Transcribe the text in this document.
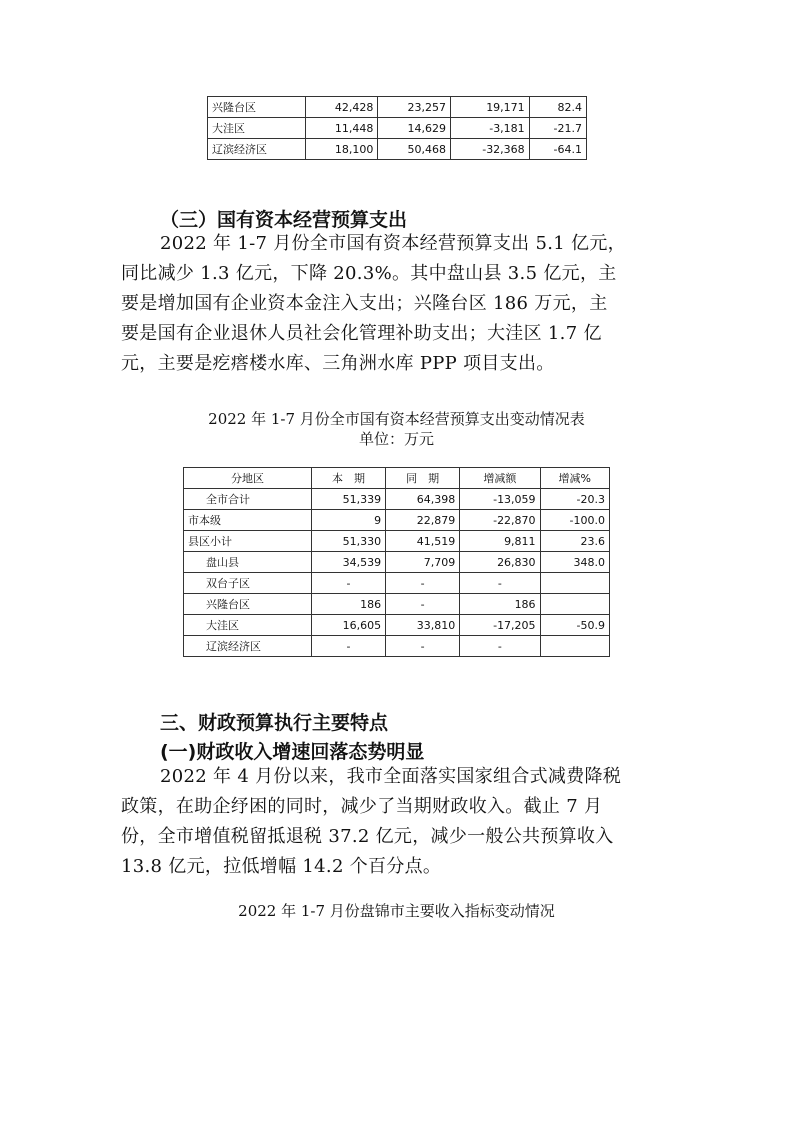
兴隆台区	42,428	23,257	19,171	82.4
大洼区	11,448	14,629	-3,181	-21.7
辽滨经济区	18,100	50,468	-32,368	-64.1
（三）国有资本经营预算支出
2022 年 1-7 月份全市国有资本经营预算支出 5.1 亿元，
同比减少 1.3 亿元，下降 20.3%。其中盘山县 3.5 亿元，主
要是增加国有企业资本金注入支出；兴隆台区 186 万元，主
要是国有企业退休人员社会化管理补助支出；大洼区 1.7 亿
元，主要是疙瘩楼水库、三角洲水库 PPP 项目支出。
2022 年 1-7 月份全市国有资本经营预算支出变动情况表
单位：万元
分地区	本　期	同　期	增减额	增减%
全市合计	51,339	64,398	-13,059	-20.3
市本级	9	22,879	-22,870	-100.0
县区小计	51,330	41,519	9,811	23.6
盘山县	34,539	7,709	26,830	348.0
双台子区	-	-	-	
兴隆台区	186	-	186	
大洼区	16,605	33,810	-17,205	-50.9
辽滨经济区	-	-	-	
三、财政预算执行主要特点
(一)财政收入增速回落态势明显
2022 年 4 月份以来，我市全面落实国家组合式减费降税
政策，在助企纾困的同时，减少了当期财政收入。截止 7 月
份，全市增值税留抵退税 37.2 亿元，减少一般公共预算收入
13.8 亿元，拉低增幅 14.2 个百分点。
2022 年 1-7 月份盘锦市主要收入指标变动情况
